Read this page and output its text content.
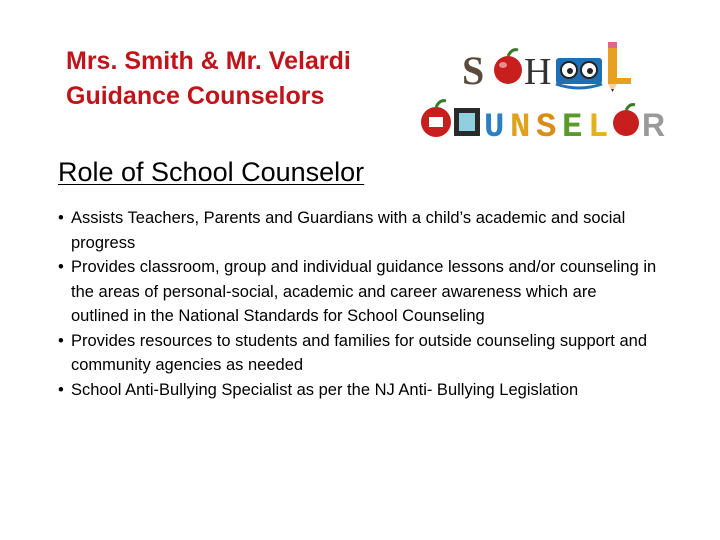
Mrs. Smith & Mr. Velardi
Guidance Counselors
S H
U N S E L R
Role of School Counselor
• Assists Teachers, Parents and Guardians with a child’s academic and social progress
• Provides classroom, group and individual guidance lessons and/or counseling in the areas of personal-social, academic and career awareness which are outlined in the National Standards for School Counseling
• Provides resources to students and families for outside counseling support and community agencies as needed
• School Anti-Bullying Specialist as per the NJ Anti- Bullying Legislation
